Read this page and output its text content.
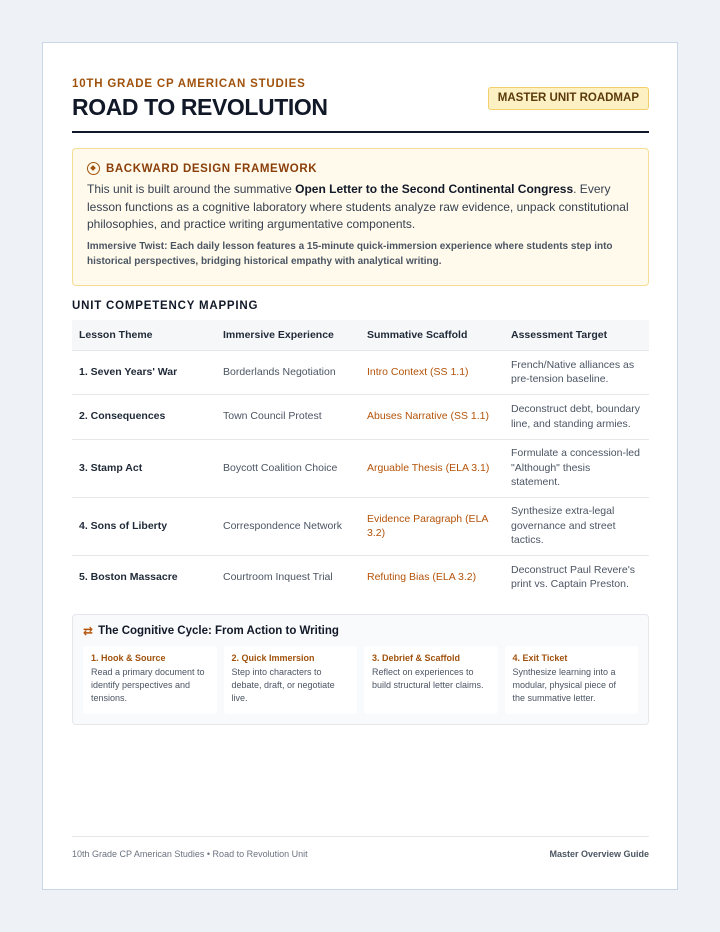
10TH GRADE CP AMERICAN STUDIES
ROAD TO REVOLUTION	MASTER UNIT ROADMAP
BACKWARD DESIGN FRAMEWORK

This unit is built around the summative Open Letter to the Second Continental Congress. Every lesson functions as a cognitive laboratory where students analyze raw evidence, unpack constitutional philosophies, and practice writing argumentative components.

Immersive Twist: Each daily lesson features a 15-minute quick-immersion experience where students step into historical perspectives, bridging historical empathy with analytical writing.

UNIT COMPETENCY MAPPING
Lesson Theme	Immersive Experience	Summative Scaffold	Assessment Target
1. Seven Years' War	Borderlands Negotiation	Intro Context (SS 1.1)	French/Native alliances as pre-tension baseline.
2. Consequences	Town Council Protest	Abuses Narrative (SS 1.1)	Deconstruct debt, boundary line, and standing armies.
3. Stamp Act	Boycott Coalition Choice	Arguable Thesis (ELA 3.1)	Formulate a concession-led "Although" thesis statement.
4. Sons of Liberty	Correspondence Network	Evidence Paragraph (ELA 3.2)	Synthesize extra-legal governance and street tactics.
5. Boston Massacre	Courtroom Inquest Trial	Refuting Bias (ELA 3.2)	Deconstruct Paul Revere's print vs. Captain Preston.
⇄ The Cognitive Cycle: From Action to Writing
1. Hook & Source
Read a primary document to identify perspectives and tensions.
2. Quick Immersion
Step into characters to debate, draft, or negotiate live.
3. Debrief & Scaffold
Reflect on experiences to build structural letter claims.
4. Exit Ticket
Synthesize learning into a modular, physical piece of the summative letter.
10th Grade CP American Studies • Road to Revolution Unit	Master Overview Guide
